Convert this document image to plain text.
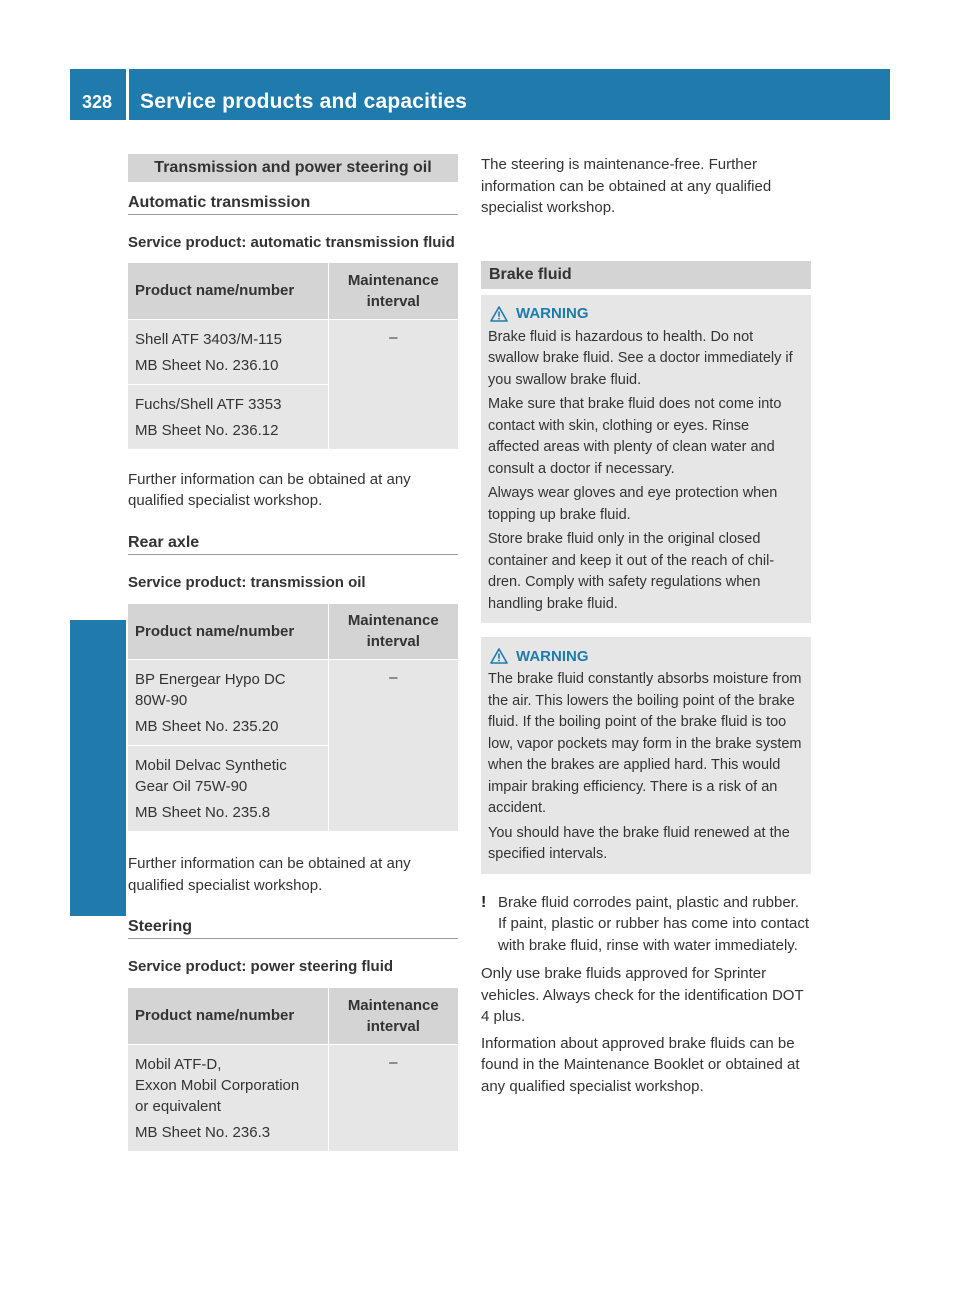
328	Service products and capacities
Technical data
Transmission and power steering oil
Automatic transmission
Service product: automatic transmission fluid
Product name/number	Maintenance interval

Shell ATF 3403/M-115
MB Sheet No. 236.10	–

Fuchs/Shell ATF 3353
MB Sheet No. 236.12	

Further information can be obtained at any qualified specialist workshop.

Rear axle
Service product: transmission oil
Product name/number	Maintenance interval

BP Energear Hypo DC
80W-90
MB Sheet No. 235.20	–

Mobil Delvac Synthetic
Gear Oil 75W-90
MB Sheet No. 235.8	

Further information can be obtained at any qualified specialist workshop.

Steering
Service product: power steering fluid
Product name/number	Maintenance interval

Mobil ATF-D,
Exxon Mobil Corporation
or equivalent
MB Sheet No. 236.3	–

The steering is maintenance-free. Further information can be obtained at any qualified specialist workshop.

Brake fluid
WARNING

Brake fluid is hazardous to health. Do not swallow brake fluid. See a doctor immediately if you swallow brake fluid.

Make sure that brake fluid does not come into contact with skin, clothing or eyes. Rinse affected areas with plenty of clean water and consult a doctor if necessary.

Always wear gloves and eye protection when topping up brake fluid.

Store brake fluid only in the original closed container and keep it out of the reach of chil-dren. Comply with safety regulations when handling brake fluid.

WARNING

The brake fluid constantly absorbs moisture from the air. This lowers the boiling point of the brake fluid. If the boiling point of the brake fluid is too low, vapor pockets may form in the brake system when the brakes are applied hard. This would impair braking efficiency. There is a risk of an accident.

You should have the brake fluid renewed at the specified intervals.

! Brake fluid corrodes paint, plastic and rubber. If paint, plastic or rubber has come into contact with brake fluid, rinse with water immediately.

Only use brake fluids approved for Sprinter vehicles. Always check for the identification DOT 4 plus.

Information about approved brake fluids can be found in the Maintenance Booklet or obtained at any qualified specialist workshop.
